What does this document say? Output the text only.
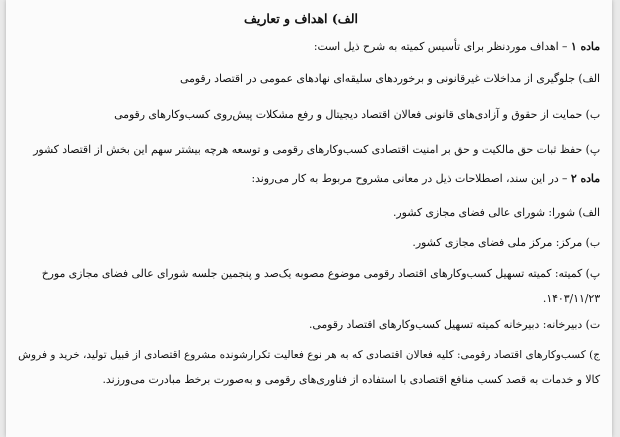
الف) اهداف و تعاریف
ماده ۱ – اهداف موردنظر برای تأسیس کمیته به شرح ذیل است:
الف) جلوگیری از مداخلات غیرقانونی و برخوردهای سلیقه‌ای نهادهای عمومی در اقتصاد رقومی
ب) حمایت از حقوق و آزادی‌های قانونی فعالان اقتصاد دیجیتال و رفع مشکلات پیش‌روی کسب‌وکارهای رقومی
پ) حفظ ثبات حق مالکیت و حق بر امنیت اقتصادی کسب‌وکارهای رقومی و توسعه هرچه بیشتر سهم این بخش از اقتصاد کشور
ماده ۲ – در این سند، اصطلاحات ذیل در معانی مشروح مربوط به کار می‌روند:
الف) شورا: شورای عالی فضای مجازی کشور.
ب) مرکز: مرکز ملی فضای مجازی کشور.
پ) کمیته: کمیته تسهیل کسب‌وکارهای اقتصاد رقومی موضوع مصوبه یک‌صد و پنجمین جلسه شورای عالی فضای مجازی مورخ
۱۴۰۳/۱۱/۲۳.
ت) دبیرخانه: دبیرخانه کمیته تسهیل کسب‌وکارهای اقتصاد رقومی.
ج) کسب‌وکارهای اقتصاد رقومی: کلیه فعالان اقتصادی که به هر نوع فعالیت تکرارشونده مشروع اقتصادی از قبیل تولید، خرید و فروش
کالا و خدمات به قصد کسب منافع اقتصادی با استفاده از فناوری‌های رقومی و به‌صورت برخط مبادرت می‌ورزند.
